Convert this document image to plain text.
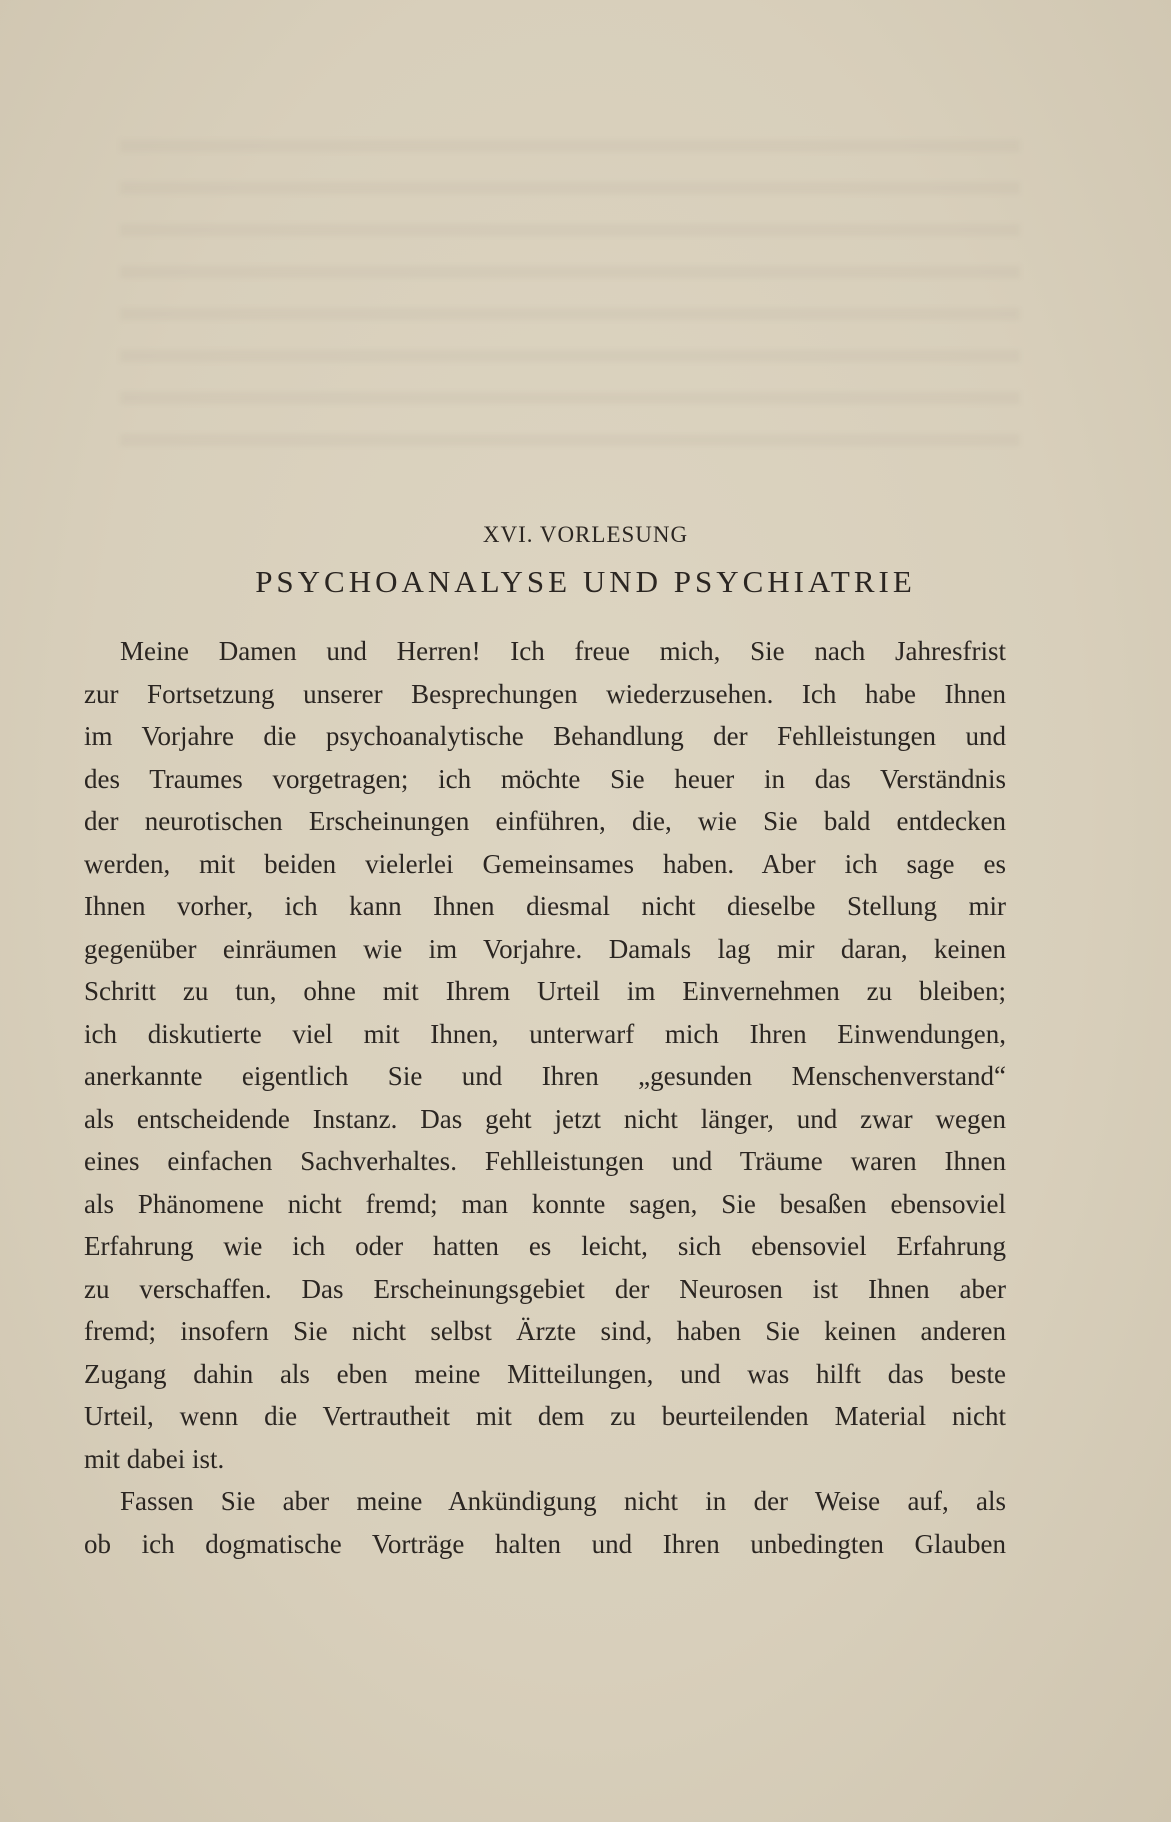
XVI. VORLESUNG
PSYCHOANALYSE UND PSYCHIATRIE
Meine Damen und Herren! Ich freue mich, Sie nach Jahresfrist
zur Fortsetzung unserer Besprechungen wiederzusehen. Ich habe Ihnen
im Vorjahre die psychoanalytische Behandlung der Fehlleistungen und
des Traumes vorgetragen; ich möchte Sie heuer in das Verständnis
der neurotischen Erscheinungen einführen, die, wie Sie bald entdecken
werden, mit beiden vielerlei Gemeinsames haben. Aber ich sage es
Ihnen vorher, ich kann Ihnen diesmal nicht dieselbe Stellung mir
gegenüber einräumen wie im Vorjahre. Damals lag mir daran, keinen
Schritt zu tun, ohne mit Ihrem Urteil im Einvernehmen zu bleiben;
ich diskutierte viel mit Ihnen, unterwarf mich Ihren Einwendungen,
anerkannte eigentlich Sie und Ihren „gesunden Menschenverstand“
als entscheidende Instanz. Das geht jetzt nicht länger, und zwar wegen
eines einfachen Sachverhaltes. Fehlleistungen und Träume waren Ihnen
als Phänomene nicht fremd; man konnte sagen, Sie besaßen ebensoviel
Erfahrung wie ich oder hatten es leicht, sich ebensoviel Erfahrung
zu verschaffen. Das Erscheinungsgebiet der Neurosen ist Ihnen aber
fremd; insofern Sie nicht selbst Ärzte sind, haben Sie keinen anderen
Zugang dahin als eben meine Mitteilungen, und was hilft das beste
Urteil, wenn die Vertrautheit mit dem zu beurteilenden Material nicht
mit dabei ist.
Fassen Sie aber meine Ankündigung nicht in der Weise auf, als
ob ich dogmatische Vorträge halten und Ihren unbedingten Glauben
